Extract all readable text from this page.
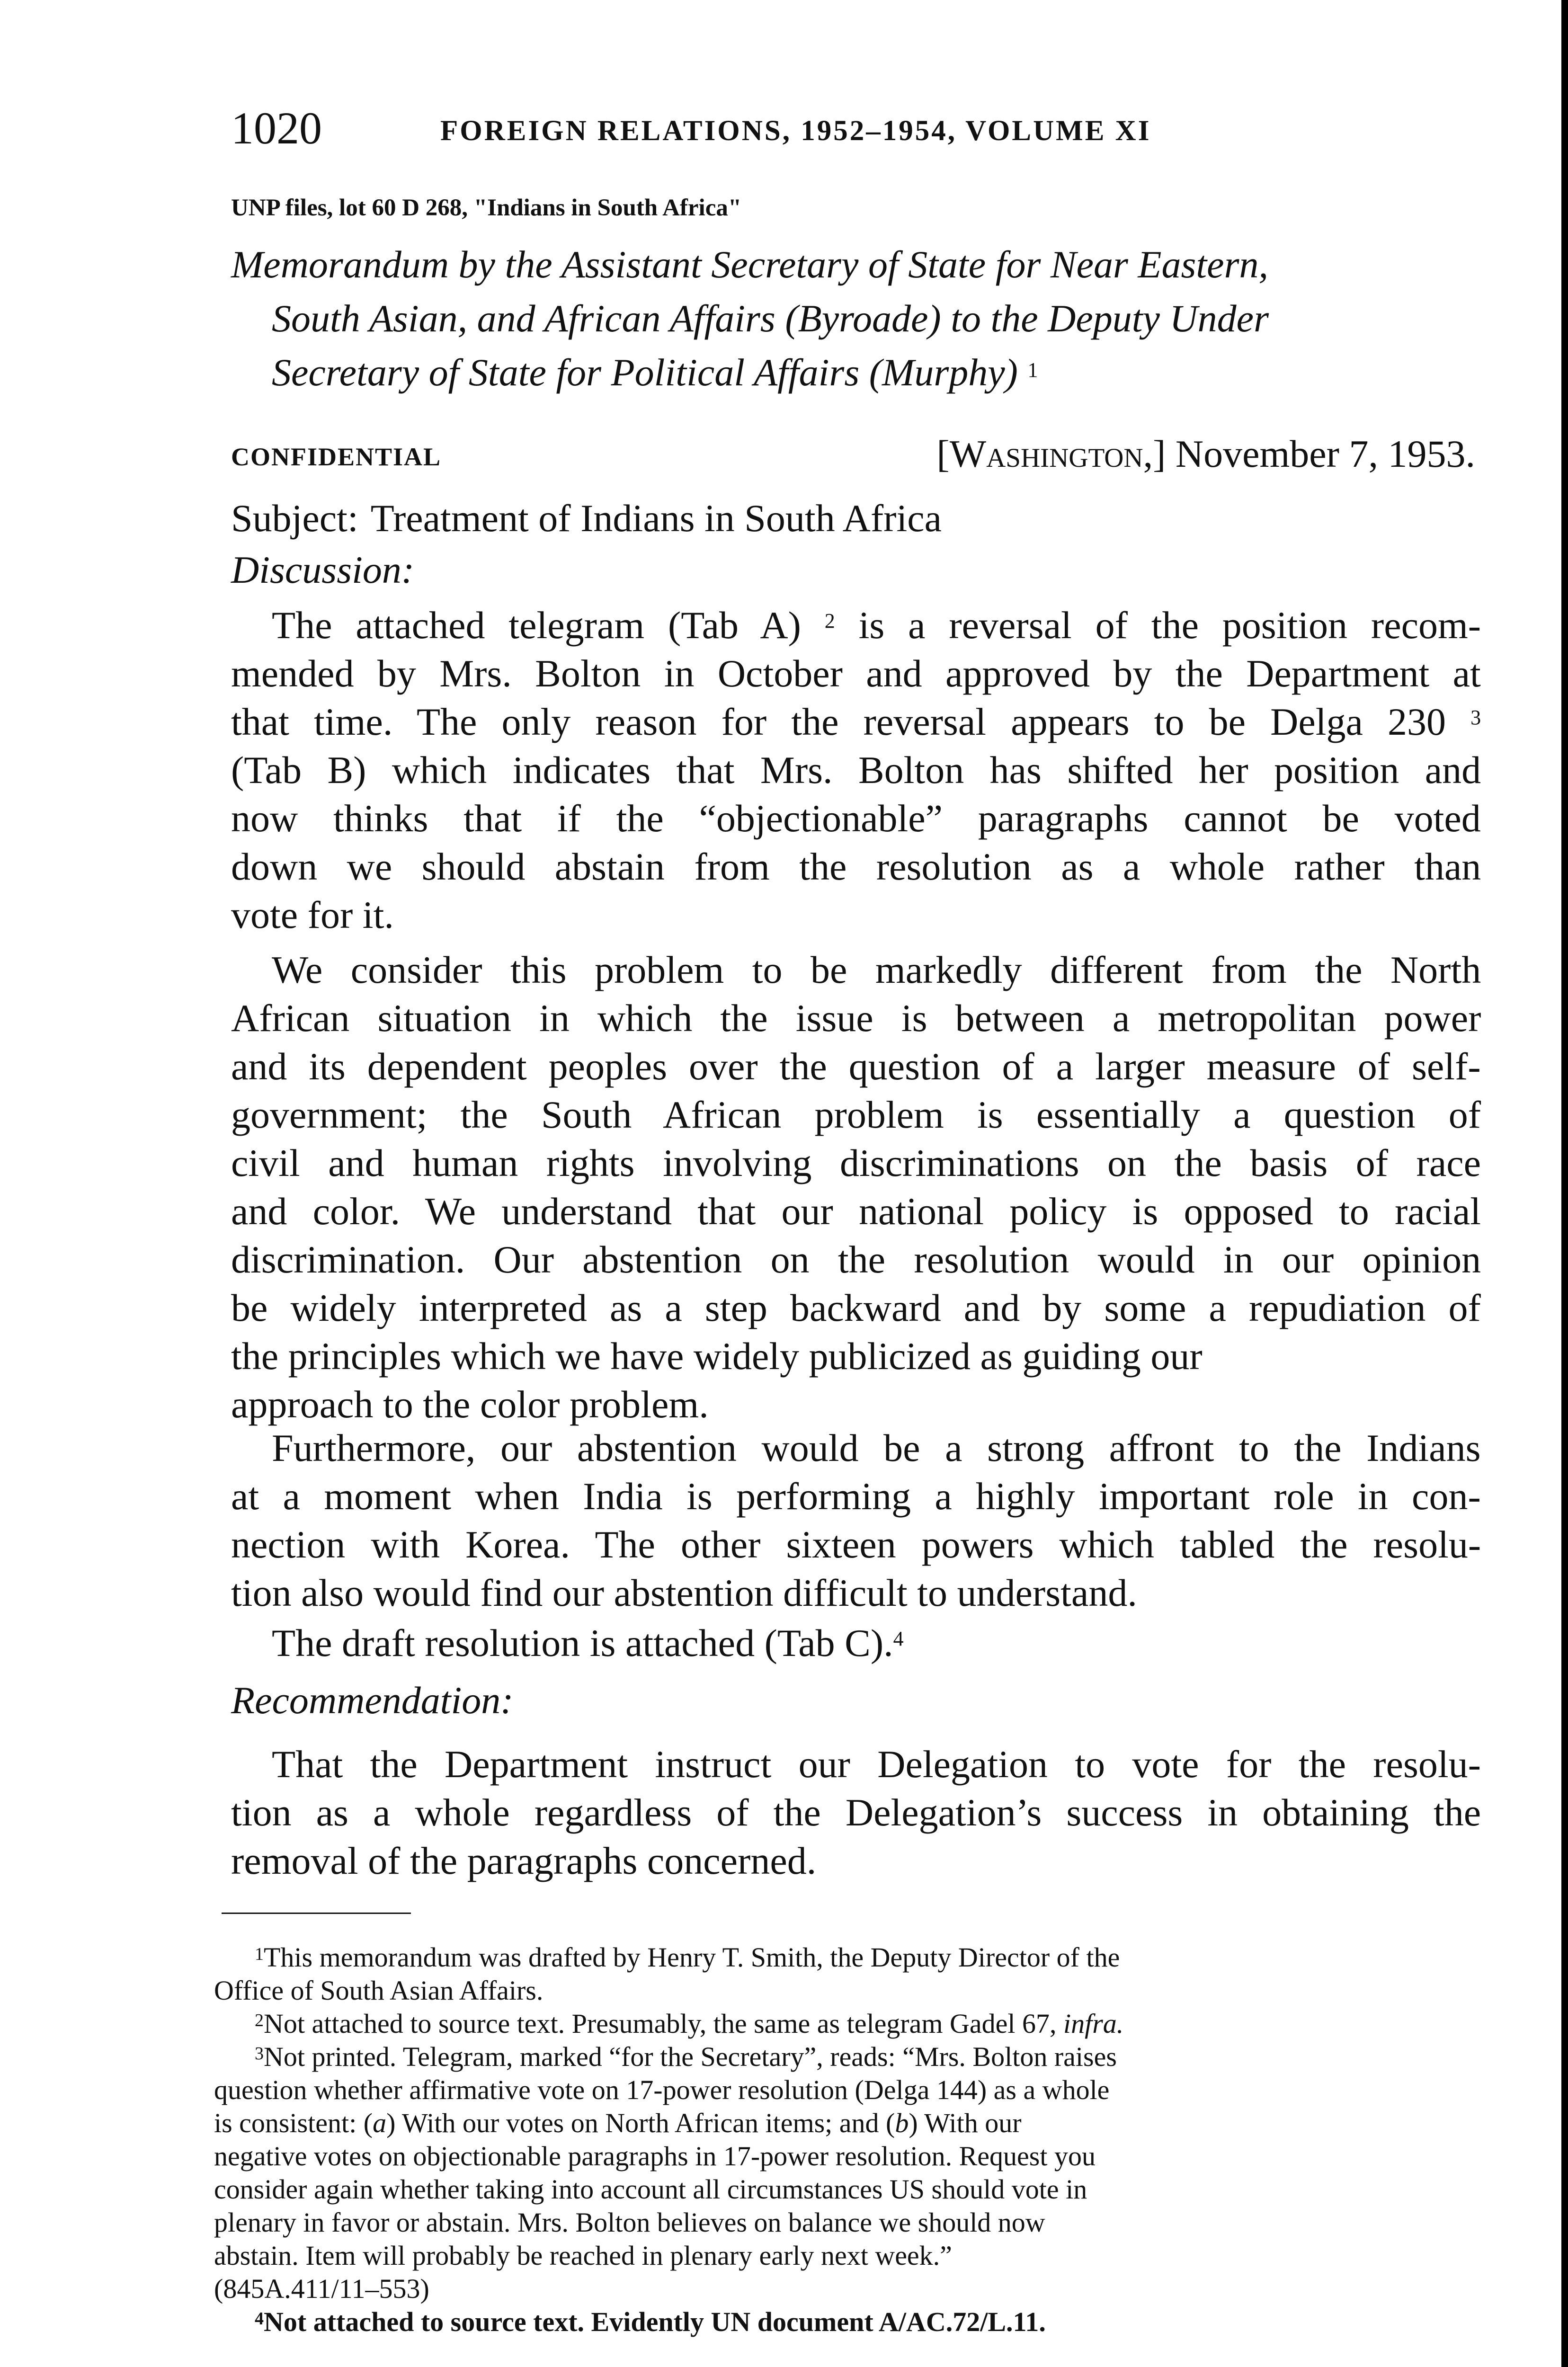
1020	FOREIGN RELATIONS, 1952–1954, VOLUME XI
UNP files, lot 60 D 268, "Indians in South Africa"
Memorandum by the Assistant Secretary of State for Near Eastern,
South Asian, and African Affairs (Byroade) to the Deputy Under
Secretary of State for Political Affairs (Murphy) $^1$
CONFIDENTIAL	[Washington,] November 7, 1953.
Subject: Treatment of Indians in South Africa
Discussion:
The attached telegram (Tab A) $^2$ is a reversal of the position recom-
mended by Mrs. Bolton in October and approved by the Department at
that time. The only reason for the reversal appears to be Delga 230 $^3$
(Tab B) which indicates that Mrs. Bolton has shifted her position and
now thinks that if the “objectionable” paragraphs cannot be voted
down we should abstain from the resolution as a whole rather than
vote for it.
We consider this problem to be markedly different from the North
African situation in which the issue is between a metropolitan power
and its dependent peoples over the question of a larger measure of self-
government; the South African problem is essentially a question of
civil and human rights involving discriminations on the basis of race
and color. We understand that our national policy is opposed to racial
discrimination. Our abstention on the resolution would in our opinion
be widely interpreted as a step backward and by some a repudiation of
the principles which we have widely publicized as guiding our
approach to the color problem.
Furthermore, our abstention would be a strong affront to the Indians
at a moment when India is performing a highly important role in con-
nection with Korea. The other sixteen powers which tabled the resolu-
tion also would find our abstention difficult to understand.
The draft resolution is attached (Tab C).$^4$
Recommendation:
That the Department instruct our Delegation to vote for the resolu-
tion as a whole regardless of the Delegation’s success in obtaining the
removal of the paragraphs concerned.
$^1$This memorandum was drafted by Henry T. Smith, the Deputy Director of the
Office of South Asian Affairs.
$^2$Not attached to source text. Presumably, the same as telegram Gadel 67, infra.
$^3$Not printed. Telegram, marked “for the Secretary”, reads: “Mrs. Bolton raises
question whether affirmative vote on 17-power resolution (Delga 144) as a whole
is consistent: (a) With our votes on North African items; and (b) With our
negative votes on objectionable paragraphs in 17-power resolution. Request you
consider again whether taking into account all circumstances US should vote in
plenary in favor or abstain. Mrs. Bolton believes on balance we should now
abstain. Item will probably be reached in plenary early next week.”
(845A.411/11–553)
$^4$Not attached to source text. Evidently UN document A/AC.72/L.11.
